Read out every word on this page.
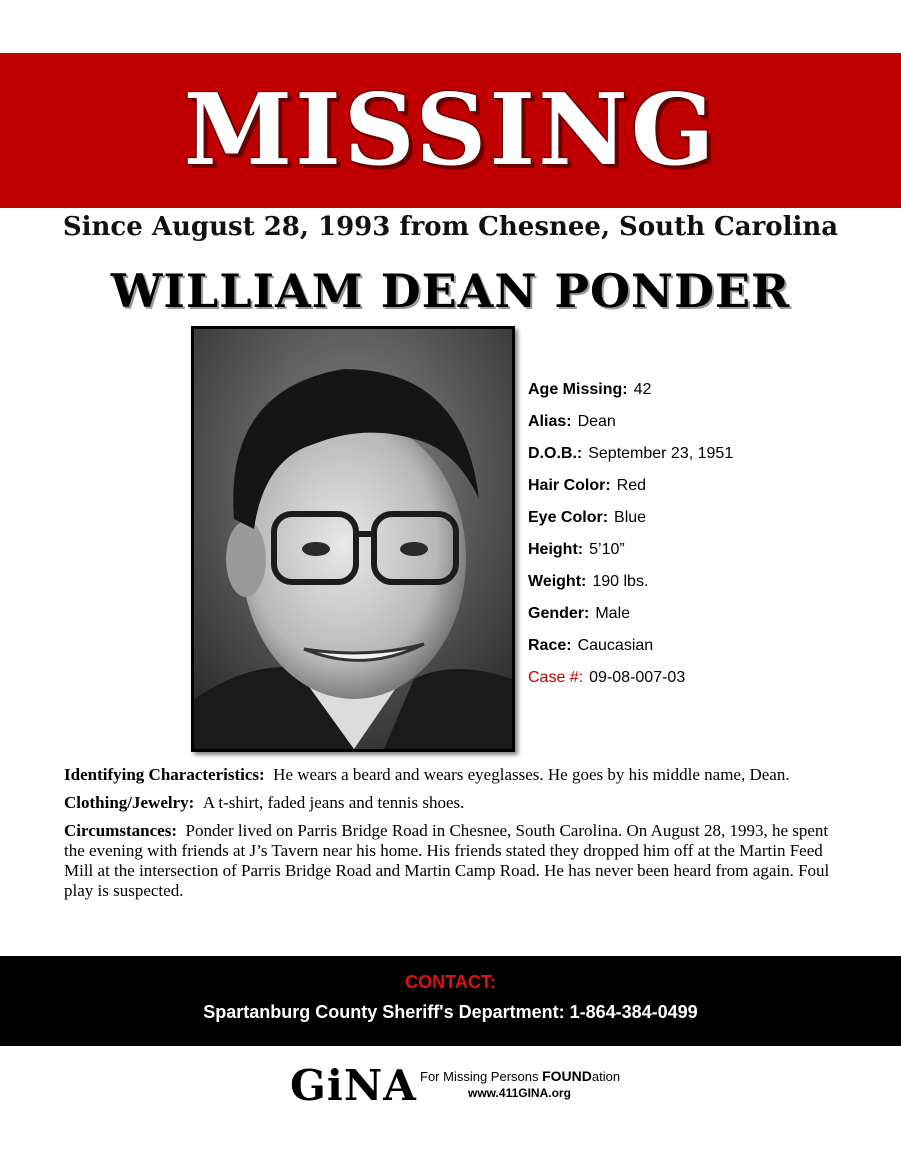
MISSING
Since August 28, 1993 from Chesnee, South Carolina
WILLIAM DEAN PONDER
Age Missing: 42
Alias: Dean
D.O.B.: September 23, 1951
Hair Color: Red
Eye Color: Blue
Height: 5’10”
Weight: 190 lbs.
Gender: Male
Race: Caucasian
Case #: 09-08-007-03

Identifying Characteristics: He wears a beard and wears eyeglasses. He goes by his middle name, Dean.

Clothing/Jewelry: A t-shirt, faded jeans and tennis shoes.

Circumstances: Ponder lived on Parris Bridge Road in Chesnee, South Carolina. On August 28, 1993, he spent the evening with friends at J’s Tavern near his home. His friends stated they dropped him off at the Martin Feed Mill at the intersection of Parris Bridge Road and Martin Camp Road. He has never been heard from again. Foul play is suspected.

CONTACT:
Spartanburg County Sheriff's Department: 1-864-384-0499
GiNA For Missing Persons FOUNDation
www.411GINA.org
